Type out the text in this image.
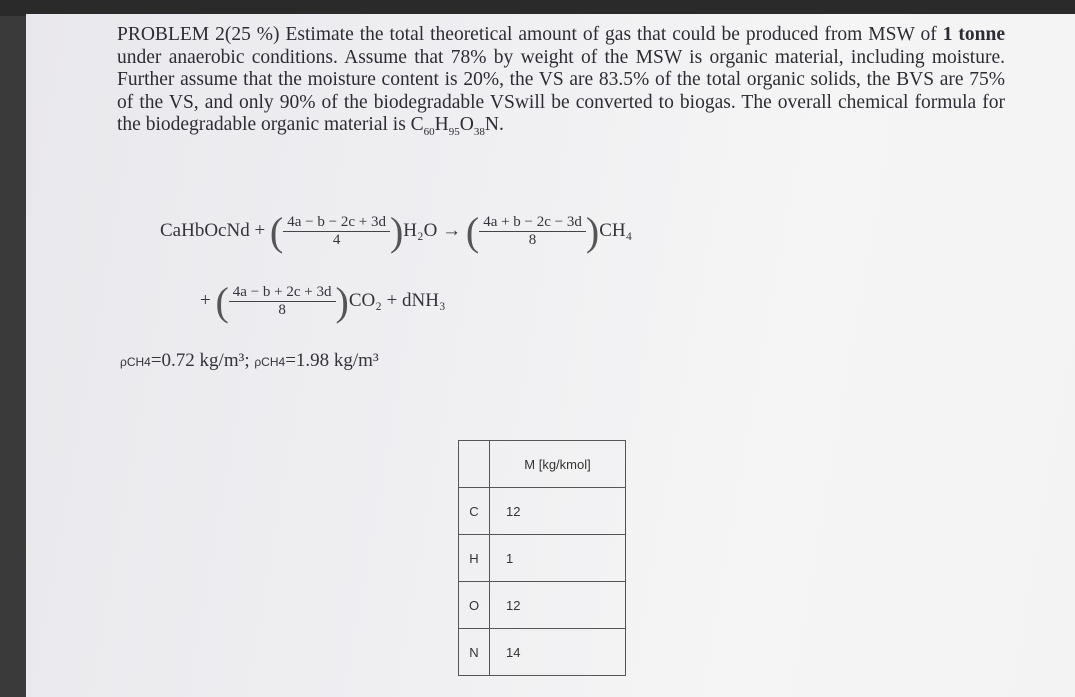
PROBLEM 2(25 %) Estimate the total theoretical amount of gas that could be produced from MSW of 1 tonne under anaerobic conditions. Assume that 78% by weight of the MSW is organic material, including moisture. Further assume that the moisture content is 20%, the VS are 83.5% of the total organic solids, the BVS are 75% of the VS, and only 90% of the biodegradable VSwill be converted to biogas. The overall chemical formula for the biodegradable organic material is $C_{60}H_{95}O_{38}N$.
CaHbOcNd + ( $\frac{4a - b - 2c + 3d}{4} )H_2O$ → ( $\frac{4a + b - 2c - 3d}{8} )CH_4$
+ ( $\frac{4a - b + 2c + 3d}{8} )CO_2 + dNH_3$
ρCH4=0.72 kg/m³; ρCH4=1.98 kg/m³
	M [kg/kmol]
C	12
H	1
O	12
N	14
